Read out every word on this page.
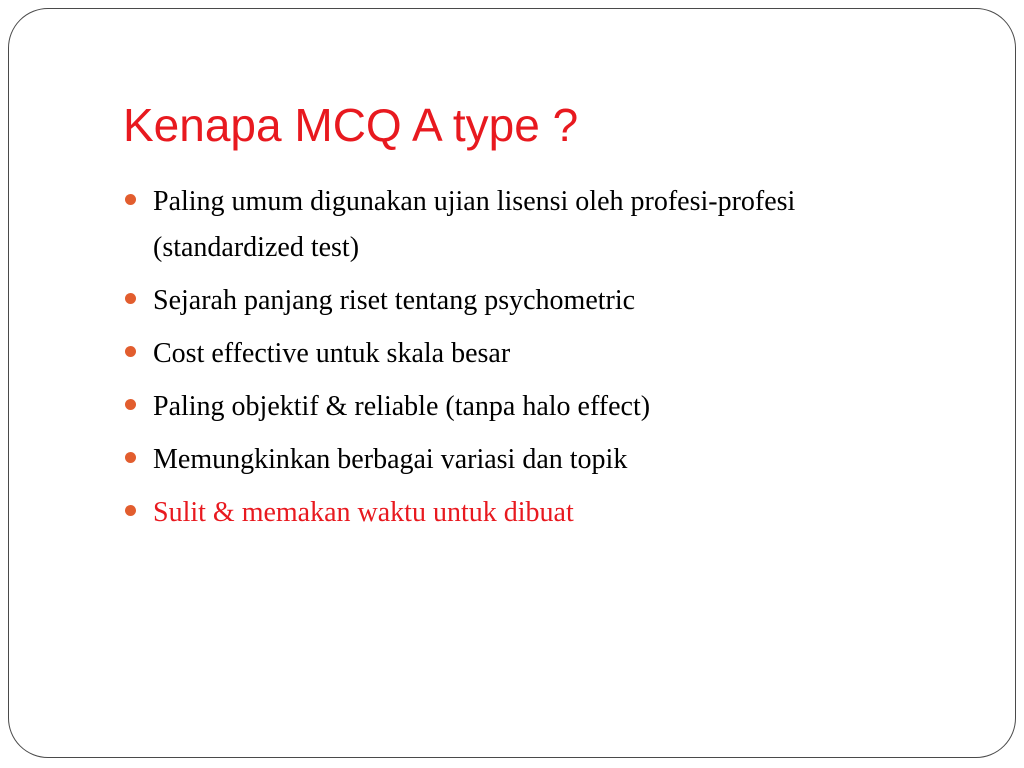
Kenapa MCQ A type ?
Paling umum digunakan ujian lisensi oleh profesi-profesi (standardized test)
Sejarah panjang riset tentang psychometric
Cost effective untuk skala besar
Paling objektif & reliable (tanpa halo effect)
Memungkinkan berbagai variasi dan topik
Sulit & memakan waktu untuk dibuat
